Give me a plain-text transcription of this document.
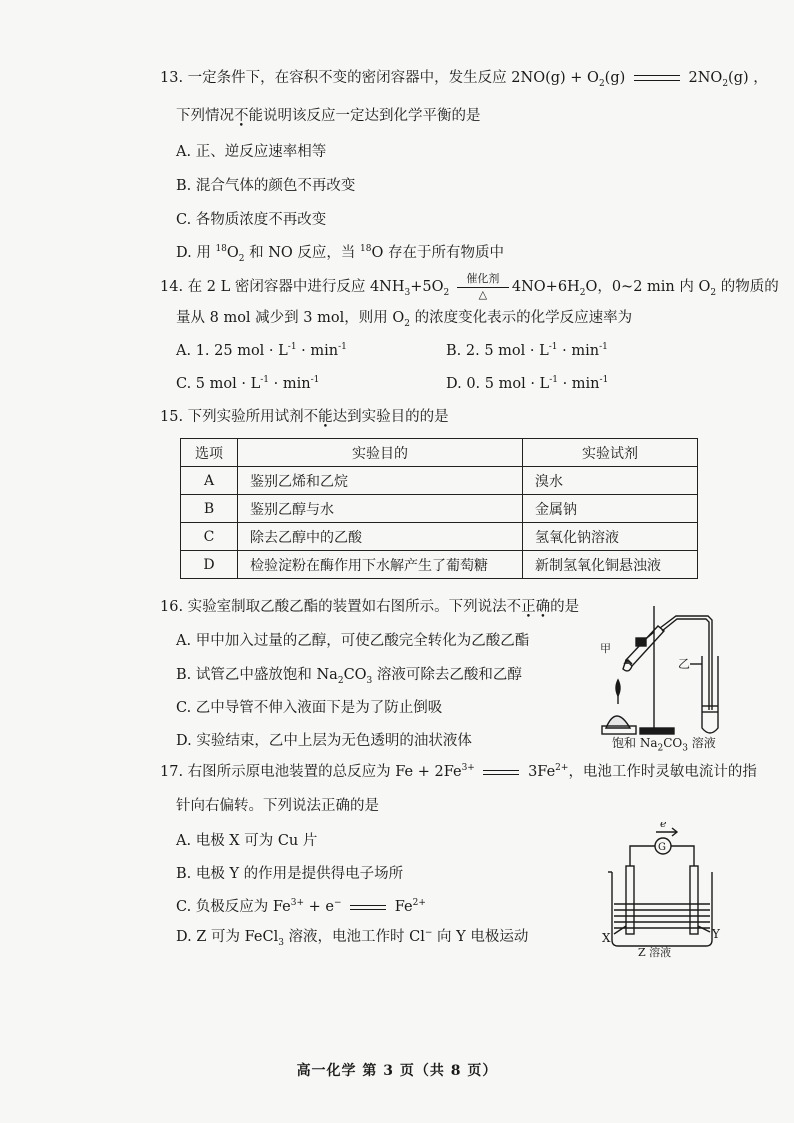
13. 一定条件下，在容积不变的密闭容器中，发生反应 $2NO(g) + O_2(g)$	$2NO_2(g)$ ，
下列情况不能说明该反应一定达到化学平衡的是
A. 正、逆反应速率相等
B. 混合气体的颜色不再改变
C. 各物质浓度不再改变
D. 用 $^{18}O_2$ 和 NO 反应，当 $^{18}$O 存在于所有物质中
14. 在 2 L 密闭容器中进行反应 $4NH_3+5O_2$
催化剂
△	$4NO+6H_2O$，0~2 min 内 $O_2$ 的物质的
量从 8 mol 减少到 3 mol，则用 $O_2$ 的浓度变化表示的化学反应速率为
A. 1. 25 mol · $L^{-1} \cdot \min^{-1}$	B. 2. 5 mol · $L^{-1} \cdot \min^{-1}$
C. 5 mol · $L^{-1} \cdot \min^{-1}$	D. 0. 5 mol · $L^{-1} \cdot \min^{-1}$
15. 下列实验所用试剂不能达到实验目的的是
选项	实验目的	实验试剂
A	鉴别乙烯和乙烷	溴水
B	鉴别乙醇与水	金属钠
C	除去乙醇中的乙酸	氢氧化钠溶液
D	检验淀粉在酶作用下水解产生了葡萄糖	新制氢氧化铜悬浊液
16. 实验室制取乙酸乙酯的装置如右图所示。下列说法不正确的是
A. 甲中加入过量的乙醇，可使乙酸完全转化为乙酸乙酯
B. 试管乙中盛放饱和 $Na_2CO_3$ 溶液可除去乙酸和乙醇
C. 乙中导管不伸入液面下是为了防止倒吸
D. 实验结束，乙中上层为无色透明的油状液体
甲
乙
饱和 $Na_2CO_3$ 溶液
17. 右图所示原电池装置的总反应为 $Fe + 2Fe^{3+}$	$3Fe^{2+}$，电池工作时灵敏电流计的指
针向右偏转。下列说法正确的是
A. 电极 X 可为 Cu 片
B. 电极 Y 的作用是提供得电子场所
C. 负极反应为 $Fe^{3+} + e^-$	$Fe^{2+}$
D. Z 可为 FeCl$_3$ 溶液，电池工作时 Cl− 向 Y 电极运动
e
G
X	Y
Z 溶液
高一化学 第 3 页（共 8 页）
